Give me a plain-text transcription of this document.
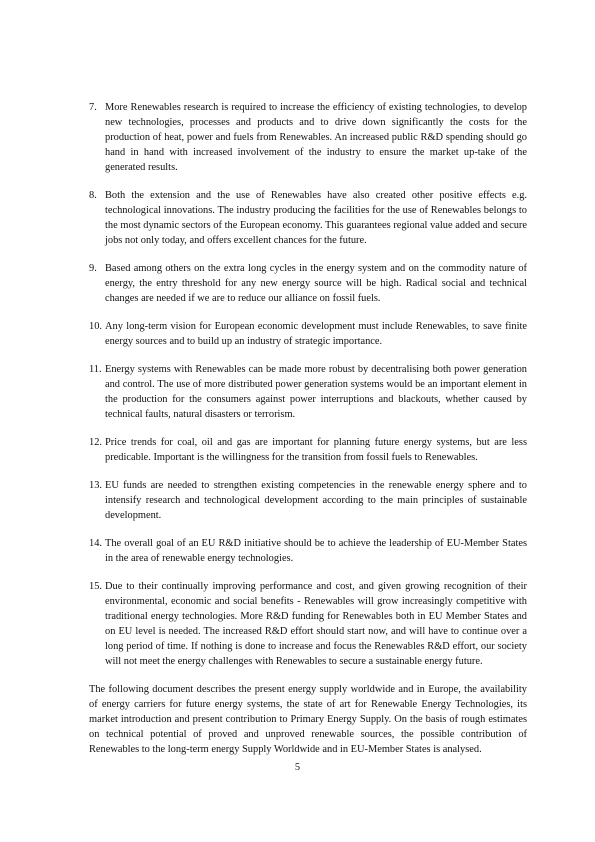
7. More Renewables research is required to increase the efficiency of existing technologies, to develop new technologies, processes and products and to drive down significantly the costs for the production of heat, power and fuels from Renewables. An increased public R&D spending should go hand in hand with increased involvement of the industry to ensure the market up-take of the generated results.
8. Both the extension and the use of Renewables have also created other positive effects e.g. technological innovations. The industry producing the facilities for the use of Renewables belongs to the most dynamic sectors of the European economy. This guarantees regional value added and secure jobs not only today, and offers excellent chances for the future.
9. Based among others on the extra long cycles in the energy system and on the commodity nature of energy, the entry threshold for any new energy source will be high. Radical social and technical changes are needed if we are to reduce our alliance on fossil fuels.
10. Any long-term vision for European economic development must include Renewables, to save finite energy sources and to build up an industry of strategic importance.
11. Energy systems with Renewables can be made more robust by decentralising both power generation and control. The use of more distributed power generation systems would be an important element in the production for the consumers against power interruptions and blackouts, whether caused by technical faults, natural disasters or terrorism.
12. Price trends for coal, oil and gas are important for planning future energy systems, but are less predicable. Important is the willingness for the transition from fossil fuels to Renewables.
13. EU funds are needed to strengthen existing competencies in the renewable energy sphere and to intensify research and technological development according to the main principles of sustainable development.
14. The overall goal of an EU R&D initiative should be to achieve the leadership of EU-Member States in the area of renewable energy technologies.
15. Due to their continually improving performance and cost, and given growing recognition of their environmental, economic and social benefits - Renewables will grow increasingly competitive with traditional energy technologies. More R&D funding for Renewables both in EU Member States and on EU level is needed. The increased R&D effort should start now, and will have to continue over a long period of time. If nothing is done to increase and focus the Renewables R&D effort, our society will not meet the energy challenges with Renewables to secure a sustainable energy future.
The following document describes the present energy supply worldwide and in Europe, the availability of energy carriers for future energy systems, the state of art for Renewable Energy Technologies, its market introduction and present contribution to Primary Energy Supply. On the basis of rough estimates on technical potential of proved and unproved renewable sources, the possible contribution of Renewables to the long-term energy Supply Worldwide and in EU-Member States is analysed.
5
